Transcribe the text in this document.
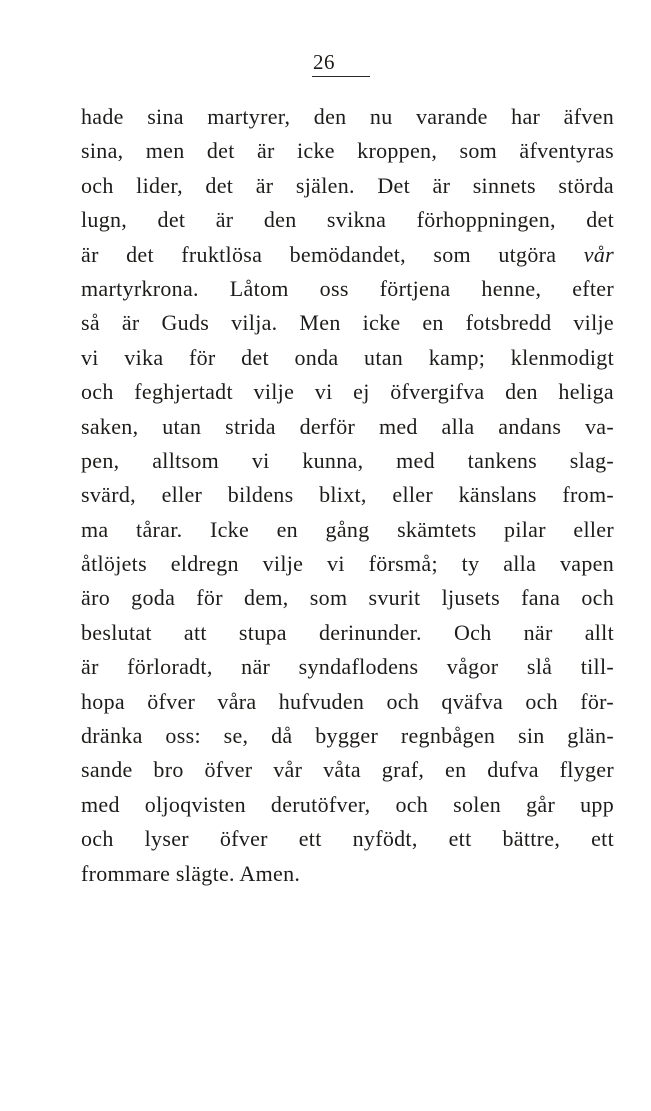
26
hade sina martyrer, den nu varande har äfven
sina, men det är icke kroppen, som äfventyras
och lider, det är själen. Det är sinnets störda
lugn, det är den svikna förhoppningen, det
är det fruktlösa bemödandet, som utgöra vår
martyrkrona. Låtom oss förtjena henne, efter
så är Guds vilja. Men icke en fotsbredd vilje
vi vika för det onda utan kamp; klenmodigt
och feghjertadt vilje vi ej öfvergifva den heliga
saken, utan strida derför med alla andans va-
pen, alltsom vi kunna, med tankens slag-
svärd, eller bildens blixt, eller känslans from-
ma tårar. Icke en gång skämtets pilar eller
åtlöjets eldregn vilje vi försmå; ty alla vapen
äro goda för dem, som svurit ljusets fana och
beslutat att stupa derinunder. Och när allt
är förloradt, när syndaflodens vågor slå till-
hopa öfver våra hufvuden och qväfva och för-
dränka oss: se, då bygger regnbågen sin glän-
sande bro öfver vår våta graf, en dufva flyger
med oljoqvisten derutöfver, och solen går upp
och lyser öfver ett nyfödt, ett bättre, ett
frommare slägte. Amen.
